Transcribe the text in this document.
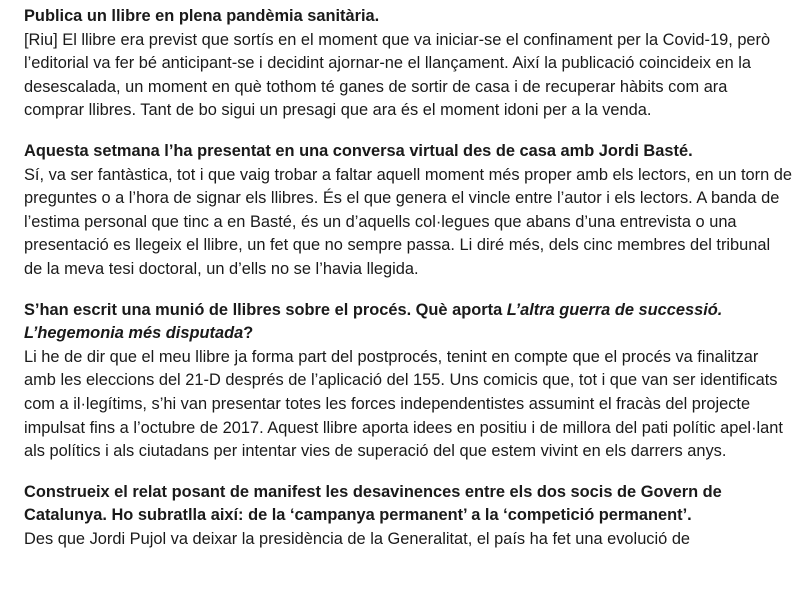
Publica un llibre en plena pandèmia sanitària.

[Riu] El llibre era previst que sortís en el moment que va iniciar-se el confinament per la Covid-19, però l’editorial va fer bé anticipant-se i decidint ajornar-ne el llançament. Així la publicació coincideix en la desescalada, un moment en què tothom té ganes de sortir de casa i de recuperar hàbits com ara comprar llibres. Tant de bo sigui un presagi que ara és el moment idoni per a la venda.

Aquesta setmana l’ha presentat en una conversa virtual des de casa amb Jordi Basté.

Sí, va ser fantàstica, tot i que vaig trobar a faltar aquell moment més proper amb els lectors, en un torn de preguntes o a l’hora de signar els llibres. És el que genera el vincle entre l’autor i els lectors. A banda de l’estima personal que tinc a en Basté, és un d’aquells col·legues que abans d’una entrevista o una presentació es llegeix el llibre, un fet que no sempre passa. Li diré més, dels cinc membres del tribunal de la meva tesi doctoral, un d’ells no se l’havia llegida.

S’han escrit una munió de llibres sobre el procés. Què aporta L’altra guerra de successió. L’hegemonia més disputada?

Li he de dir que el meu llibre ja forma part del postprocés, tenint en compte que el procés va finalitzar amb les eleccions del 21-D després de l’aplicació del 155. Uns comicis que, tot i que van ser identificats com a il·legítims, s’hi van presentar totes les forces independentistes assumint el fracàs del projecte impulsat fins a l’octubre de 2017. Aquest llibre aporta idees en positiu i de millora del pati polític apel·lant als polítics i als ciutadans per intentar vies de superació del que estem vivint en els darrers anys.

Construeix el relat posant de manifest les desavinences entre els dos socis de Govern de Catalunya. Ho subratlla així: de la ‘campanya permanent’ a la ‘competició permanent’.

Des que Jordi Pujol va deixar la presidència de la Generalitat, el país ha fet una evolució de
